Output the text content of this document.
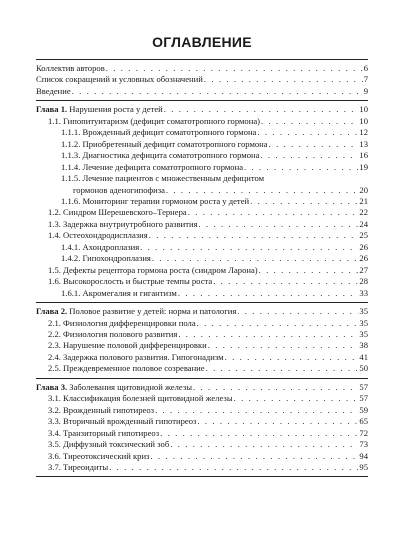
ОГЛАВЛЕНИЕ
Коллектив авторов . . .	6
Список сокращений и условных обозначений . . .	7
Введение . . .	9
Глава 1. Нарушения роста у детей . . .	10
1.1. Гипопитуитаризм (дефицит соматотропного гормона) . . .	10
1.1.1. Врожденный дефицит соматотропного гормона . . .	12
1.1.2. Приобретенный дефицит соматотропного гормона . . .	13
1.1.3. Диагностика дефицита соматотропного гормона . . .	16
1.1.4. Лечение дефицита соматотропного гормона . . .	19
1.1.5. Лечение пациентов с множественным дефицитом
гормонов аденогипофиза . . .	20
1.1.6. Мониторинг терапии гормоном роста у детей . . .	21
1.2. Синдром Шерешевского–Тернера . . .	22
1.3. Задержка внутриутробного развития . . .	24
1.4. Остеохондродисплазия . . .	25
1.4.1. Ахондроплазия . . .	26
1.4.2. Гипохондроплазия . . .	26
1.5. Дефекты рецептора гормона роста (синдром Ларона) . . .	27
1.6. Высокорослость и быстрые темпы роста . . .	28
1.6.1. Акромегалия и гигантизм . . .	33
Глава 2. Половое развитие у детей: норма и патология . . .	35
2.1. Физиология дифференцировки пола . . .	35
2.2. Физиология полового развития . . .	35
2.3. Нарушение половой дифференцировки . . .	38
2.4. Задержка полового развития. Гипогонадизм . . .	41
2.5. Преждевременное половое созревание . . .	50
Глава 3. Заболевания щитовидной железы . . .	57
3.1. Классификация болезней щитовидной железы . . .	57
3.2. Врожденный гипотиреоз . . .	59
3.3. Вторичный врожденный гипотиреоз . . .	65
3.4. Транзиторный гипотиреоз . . .	72
3.5. Диффузный токсический зоб . . .	73
3.6. Тиреотоксический криз . . .	94
3.7. Тиреоидиты . . .	95
